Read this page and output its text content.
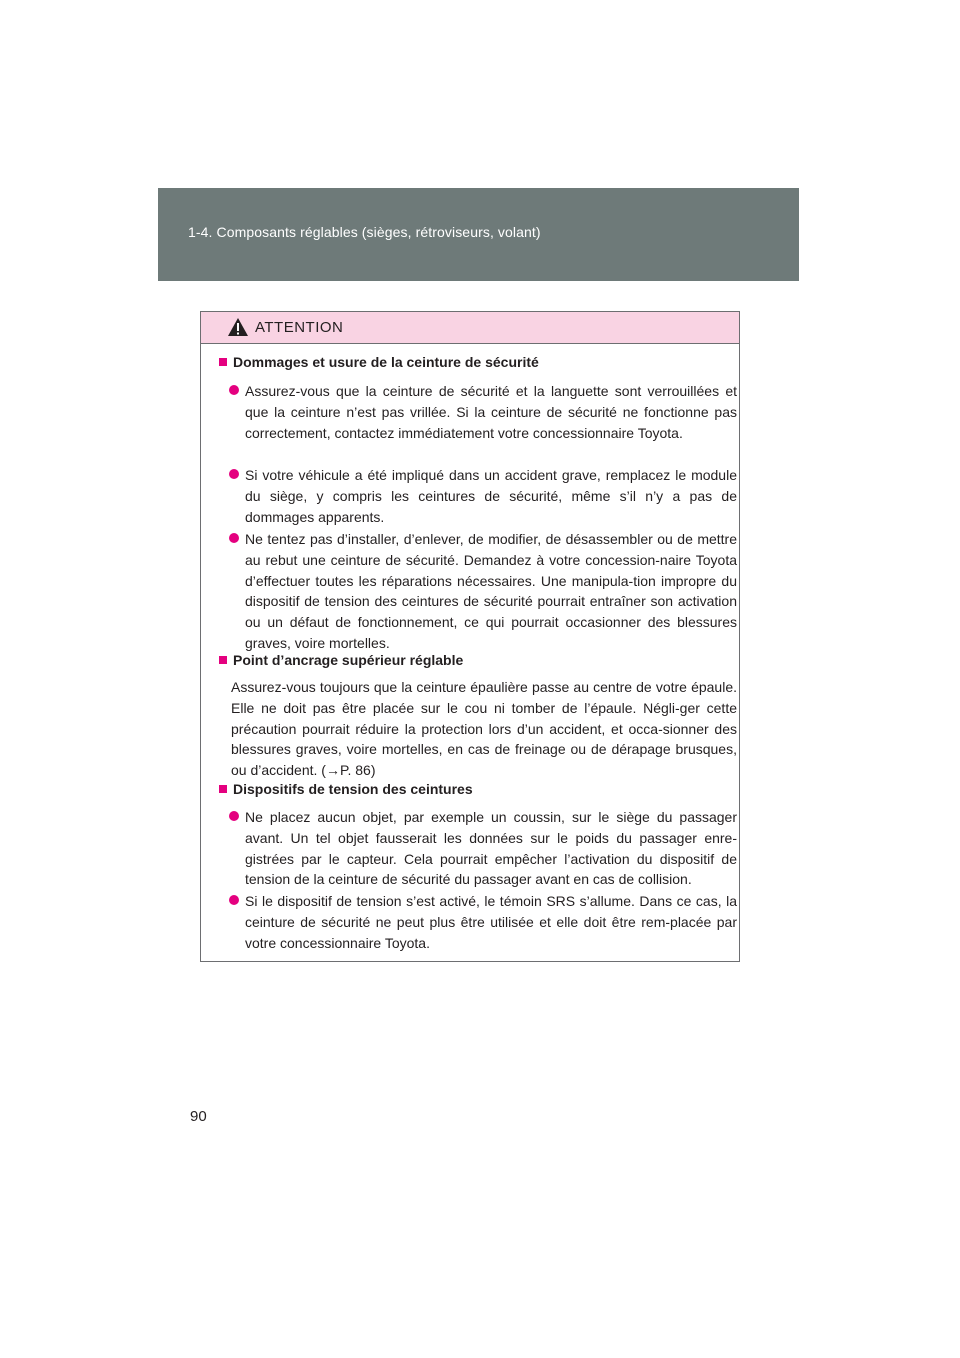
1-4. Composants réglables (sièges, rétroviseurs, volant)
ATTENTION
Dommages et usure de la ceinture de sécurité
Assurez-vous que la ceinture de sécurité et la languette sont verrouillées et que la ceinture n’est pas vrillée. Si la ceinture de sécurité ne fonctionne pas correctement, contactez immédiatement votre concessionnaire Toyota.
Si votre véhicule a été impliqué dans un accident grave, remplacez le module du siège, y compris les ceintures de sécurité, même s’il n’y a pas de dommages apparents.
Ne tentez pas d’installer, d’enlever, de modifier, de désassembler ou de mettre au rebut une ceinture de sécurité. Demandez à votre concession-naire Toyota d’effectuer toutes les réparations nécessaires. Une manipula-tion impropre du dispositif de tension des ceintures de sécurité pourrait entraîner son activation ou un défaut de fonctionnement, ce qui pourrait occasionner des blessures graves, voire mortelles.
Point d’ancrage supérieur réglable
Assurez-vous toujours que la ceinture épaulière passe au centre de votre épaule. Elle ne doit pas être placée sur le cou ni tomber de l’épaule. Négli-ger cette précaution pourrait réduire la protection lors d’un accident, et occa-sionner des blessures graves, voire mortelles, en cas de freinage ou de dérapage brusques, ou d’accident. (→P. 86)
Dispositifs de tension des ceintures
Ne placez aucun objet, par exemple un coussin, sur le siège du passager avant. Un tel objet fausserait les données sur le poids du passager enre-gistrées par le capteur. Cela pourrait empêcher l’activation du dispositif de tension de la ceinture de sécurité du passager avant en cas de collision.
Si le dispositif de tension s’est activé, le témoin SRS s’allume. Dans ce cas, la ceinture de sécurité ne peut plus être utilisée et elle doit être rem-placée par votre concessionnaire Toyota.
90
